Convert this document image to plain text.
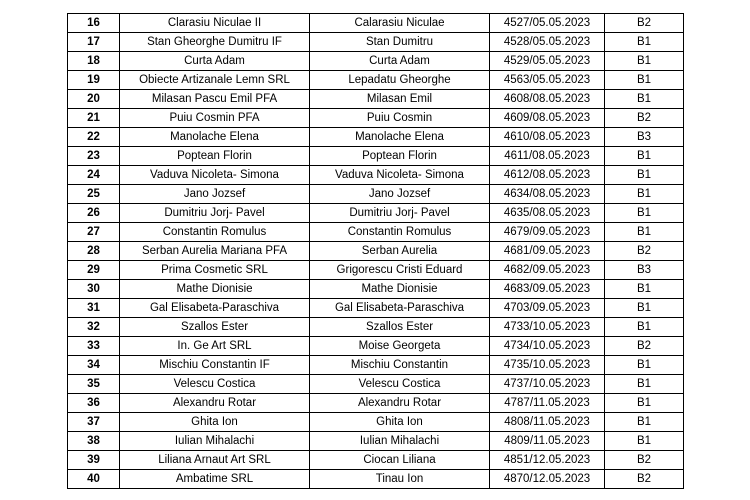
16	Clarasiu Niculae II	Calarasiu Niculae	4527/05.05.2023	B2
17	Stan Gheorghe Dumitru IF	Stan Dumitru	4528/05.05.2023	B1
18	Curta Adam	Curta Adam	4529/05.05.2023	B1
19	Obiecte Artizanale Lemn SRL	Lepadatu Gheorghe	4563/05.05.2023	B1
20	Milasan Pascu Emil PFA	Milasan Emil	4608/08.05.2023	B1
21	Puiu Cosmin PFA	Puiu Cosmin	4609/08.05.2023	B2
22	Manolache Elena	Manolache Elena	4610/08.05.2023	B3
23	Poptean Florin	Poptean Florin	4611/08.05.2023	B1
24	Vaduva Nicoleta- Simona	Vaduva Nicoleta- Simona	4612/08.05.2023	B1
25	Jano Jozsef	Jano Jozsef	4634/08.05.2023	B1
26	Dumitriu Jorj- Pavel	Dumitriu Jorj- Pavel	4635/08.05.2023	B1
27	Constantin Romulus	Constantin Romulus	4679/09.05.2023	B1
28	Serban Aurelia Mariana PFA	Serban Aurelia	4681/09.05.2023	B2
29	Prima Cosmetic SRL	Grigorescu Cristi Eduard	4682/09.05.2023	B3
30	Mathe Dionisie	Mathe Dionisie	4683/09.05.2023	B1
31	Gal Elisabeta-Paraschiva	Gal Elisabeta-Paraschiva	4703/09.05.2023	B1
32	Szallos Ester	Szallos Ester	4733/10.05.2023	B1
33	In. Ge Art SRL	Moise Georgeta	4734/10.05.2023	B2
34	Mischiu Constantin IF	Mischiu Constantin	4735/10.05.2023	B1
35	Velescu Costica	Velescu Costica	4737/10.05.2023	B1
36	Alexandru Rotar	Alexandru Rotar	4787/11.05.2023	B1
37	Ghita Ion	Ghita Ion	4808/11.05.2023	B1
38	Iulian Mihalachi	Iulian Mihalachi	4809/11.05.2023	B1
39	Liliana Arnaut Art SRL	Ciocan Liliana	4851/12.05.2023	B2
40	Ambatime SRL	Tinau Ion	4870/12.05.2023	B2
